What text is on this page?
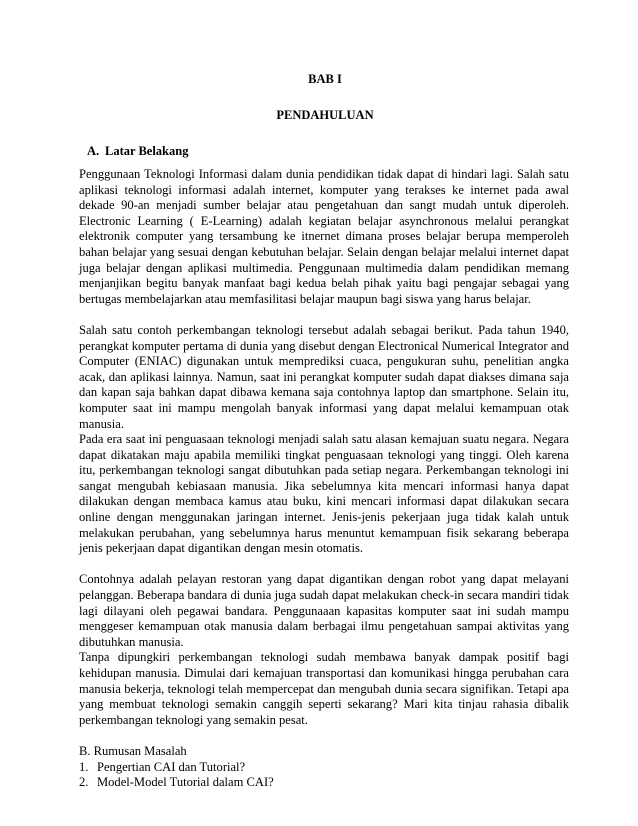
BAB I
PENDAHULUAN
A. Latar Belakang

Penggunaan Teknologi Informasi dalam dunia pendidikan tidak dapat di hindari lagi. Salah satu aplikasi teknologi informasi adalah internet, komputer yang terakses ke internet pada awal dekade 90-an menjadi sumber belajar atau pengetahuan dan sangt mudah untuk diperoleh. Electronic Learning ( E-Learning) adalah kegiatan belajar asynchronous melalui perangkat elektronik computer yang tersambung ke itnernet dimana proses belajar berupa memperoleh bahan belajar yang sesuai dengan kebutuhan belajar. Selain dengan belajar melalui internet dapat juga belajar dengan aplikasi multimedia. Penggunaan multimedia dalam pendidikan memang menjanjikan begitu banyak manfaat bagi kedua belah pihak yaitu bagi pengajar sebagai yang bertugas membelajarkan atau memfasilitasi belajar maupun bagi siswa yang harus belajar.

Salah satu contoh perkembangan teknologi tersebut adalah sebagai berikut. Pada tahun 1940, perangkat komputer pertama di dunia yang disebut dengan Electronical Numerical Integrator and Computer (ENIAC) digunakan untuk memprediksi cuaca, pengukuran suhu, penelitian angka acak, dan aplikasi lainnya. Namun, saat ini perangkat komputer sudah dapat diakses dimana saja dan kapan saja bahkan dapat dibawa kemana saja contohnya laptop dan smartphone. Selain itu, komputer saat ini mampu mengolah banyak informasi yang dapat melalui kemampuan otak manusia.

Pada era saat ini penguasaan teknologi menjadi salah satu alasan kemajuan suatu negara. Negara dapat dikatakan maju apabila memiliki tingkat penguasaan teknologi yang tinggi. Oleh karena itu, perkembangan teknologi sangat dibutuhkan pada setiap negara. Perkembangan teknologi ini sangat mengubah kebiasaan manusia. Jika sebelumnya kita mencari informasi hanya dapat dilakukan dengan membaca kamus atau buku, kini mencari informasi dapat dilakukan secara online dengan menggunakan jaringan internet. Jenis-jenis pekerjaan juga tidak kalah untuk melakukan perubahan, yang sebelumnya harus menuntut kemampuan fisik sekarang beberapa jenis pekerjaan dapat digantikan dengan mesin otomatis.

Contohnya adalah pelayan restoran yang dapat digantikan dengan robot yang dapat melayani pelanggan. Beberapa bandara di dunia juga sudah dapat melakukan check-in secara mandiri tidak lagi dilayani oleh pegawai bandara. Penggunaaan kapasitas komputer saat ini sudah mampu menggeser kemampuan otak manusia dalam berbagai ilmu pengetahuan sampai aktivitas yang dibutuhkan manusia.

Tanpa dipungkiri perkembangan teknologi sudah membawa banyak dampak positif bagi kehidupan manusia. Dimulai dari kemajuan transportasi dan komunikasi hingga perubahan cara manusia bekerja, teknologi telah mempercepat dan mengubah dunia secara signifikan. Tetapi apa yang membuat teknologi semakin canggih seperti sekarang? Mari kita tinjau rahasia dibalik perkembangan teknologi yang semakin pesat.

B. Rumusan Masalah

1. Pengertian CAI dan Tutorial?
2. Model-Model Tutorial dalam CAI?
